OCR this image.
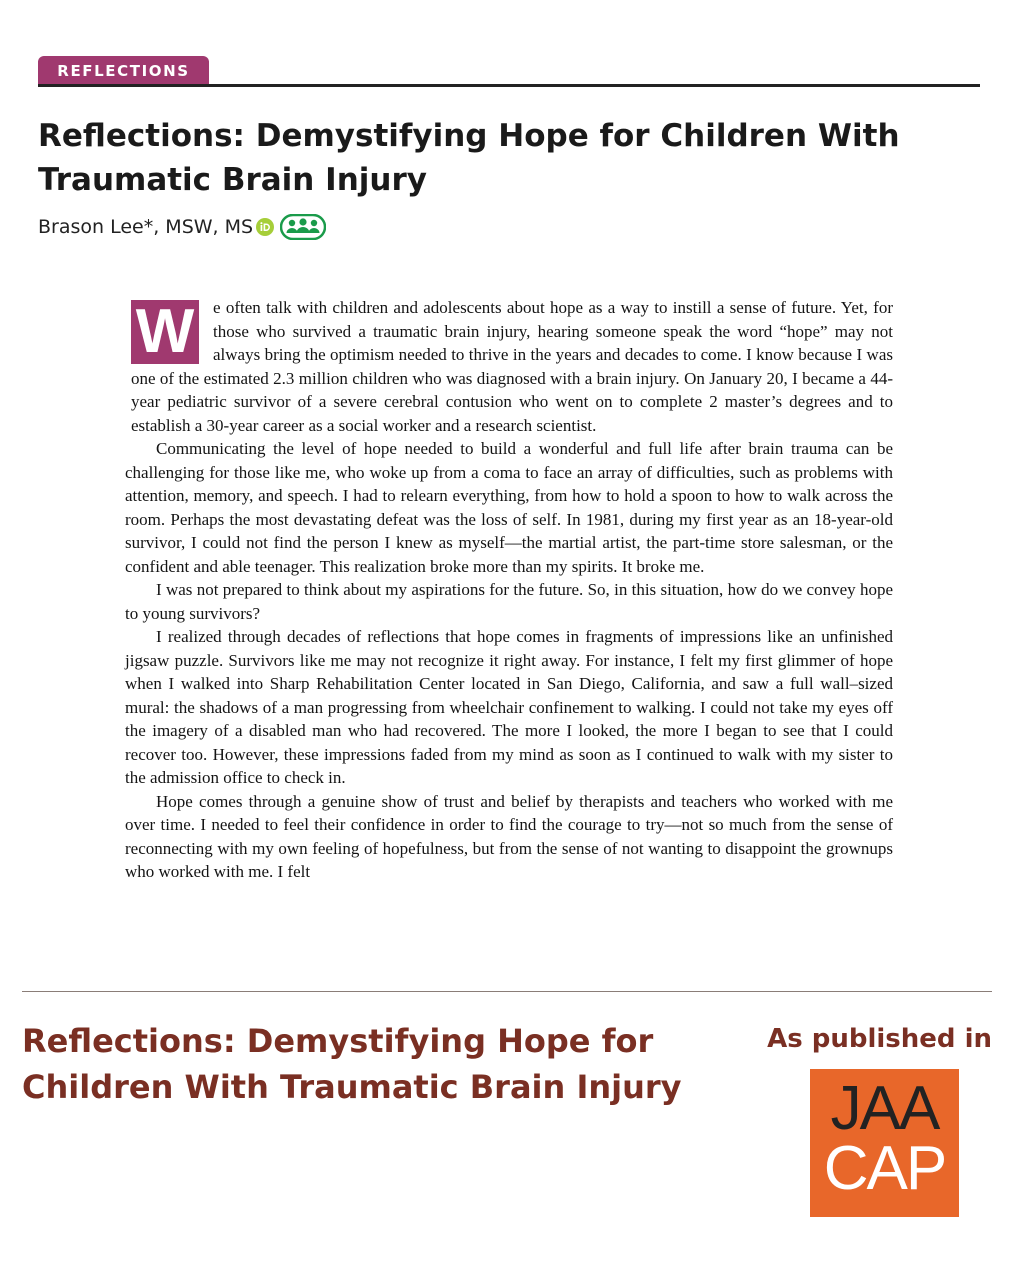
REFLECTIONS
Reflections: Demystifying Hope for Children With Traumatic Brain Injury
Brason Lee*, MSW, MS

W e often talk with children and adolescents about hope as a way to instill a sense of future. Yet, for those who survived a traumatic brain injury, hearing someone speak the word “hope” may not always bring the optimism needed to thrive in the years and decades to come. I know because I was one of the estimated 2.3 million children who was diagnosed with a brain injury. On January 20, I became a 44-year pediatric survivor of a severe cerebral contusion who went on to complete 2 master’s degrees and to establish a 30-year career as a social worker and a research scientist.

Communicating the level of hope needed to build a wonderful and full life after brain trauma can be challenging for those like me, who woke up from a coma to face an array of difficulties, such as problems with attention, memory, and speech. I had to relearn everything, from how to hold a spoon to how to walk across the room. Perhaps the most devastating defeat was the loss of self. In 1981, during my first year as an 18-year-old survivor, I could not find the person I knew as myself—the martial artist, the part-time store salesman, or the confident and able teenager. This realization broke more than my spirits. It broke me.

I was not prepared to think about my aspirations for the future. So, in this situation, how do we convey hope to young survivors?

I realized through decades of reflections that hope comes in fragments of impressions like an unfinished jigsaw puzzle. Survivors like me may not recognize it right away. For instance, I felt my first glimmer of hope when I walked into Sharp Rehabilitation Center located in San Diego, California, and saw a full wall–sized mural: the shadows of a man progressing from wheelchair confinement to walking. I could not take my eyes off the imagery of a disabled man who had recovered. The more I looked, the more I began to see that I could recover too. However, these impressions faded from my mind as soon as I continued to walk with my sister to the admission office to check in.

Hope comes through a genuine show of trust and belief by therapists and teachers who worked with me over time. I needed to feel their confidence in order to find the courage to try—not so much from the sense of reconnecting with my own feeling of hopefulness, but from the sense of not wanting to disappoint the grownups who worked with me. I felt

Reflections: Demystifying Hope for Children With Traumatic Brain Injury
As published in
JAA
CAP
